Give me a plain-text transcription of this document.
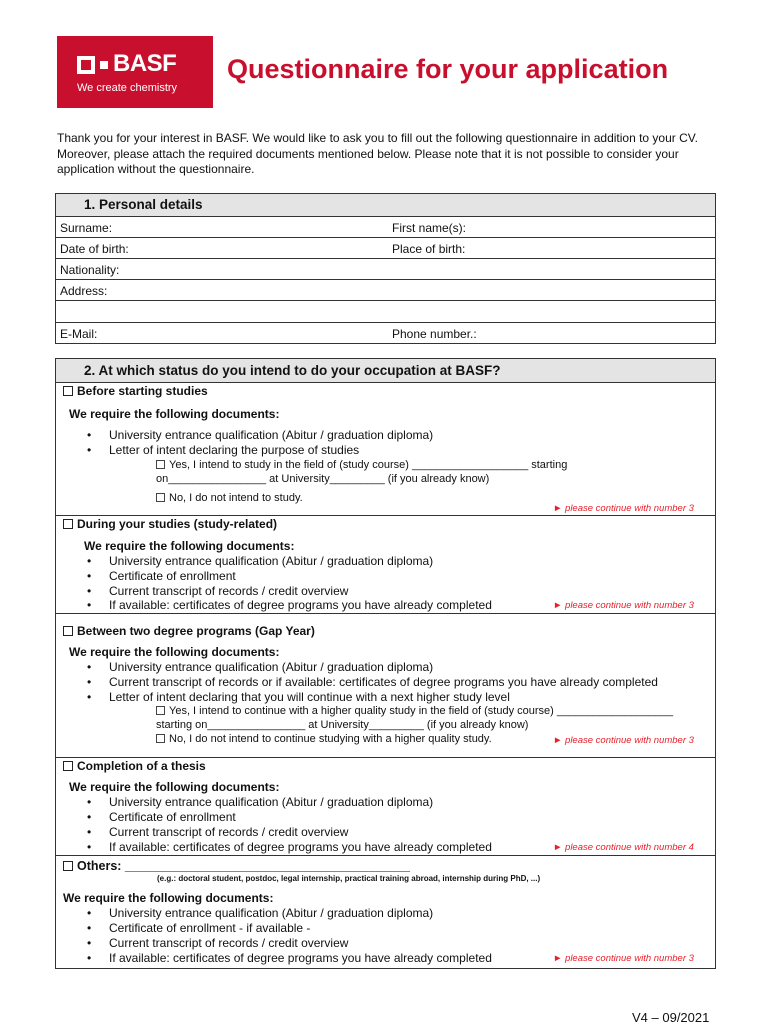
BASF
We create chemistry
Questionnaire for your application
Thank you for your interest in BASF. We would like to ask you to fill out the following questionnaire in addition to your CV. Moreover, please attach the required documents mentioned below. Please note that it is not possible to consider your application without the questionnaire.
1. Personal details
Surname:	First name(s):
Date of birth:	Place of birth:
Nationality:
Address:
E-Mail:	Phone number.:
2. At which status do you intend to do your occupation at BASF?
Before starting studies
We require the following documents:
• University entrance qualification (Abitur / graduation diploma)
• Letter of intent declaring the purpose of studies
Yes, I intend to study in the field of (study course) ___________________ starting
on________________ at University_________ (if you already know)
No, I do not intend to study.
► please continue with number 3
During your studies (study-related)
We require the following documents:
• University entrance qualification (Abitur / graduation diploma)
• Certificate of enrollment
• Current transcript of records / credit overview
• If available: certificates of degree programs you have already completed	► please continue with number 3
Between two degree programs (Gap Year)
We require the following documents:
• University entrance qualification (Abitur / graduation diploma)
• Current transcript of records or if available: certificates of degree programs you have already completed
• Letter of intent declaring that you will continue with a next higher study level
Yes, I intend to continue with a higher quality study in the field of (study course) ___________________
starting on________________ at University_________ (if you already know)
No, I do not intend to continue studying with a higher quality study.	► please continue with number 3
Completion of a thesis
We require the following documents:
• University entrance qualification (Abitur / graduation diploma)
• Certificate of enrollment
• Current transcript of records / credit overview
• If available: certificates of degree programs you have already completed	► please continue with number 4
Others: _________________________________________
(e.g.: doctoral student, postdoc, legal internship, practical training abroad, internship during PhD, ...)
We require the following documents:
• University entrance qualification (Abitur / graduation diploma)
• Certificate of enrollment - if available -
• Current transcript of records / credit overview
• If available: certificates of degree programs you have already completed	► please continue with number 3
V4 – 09/2021
